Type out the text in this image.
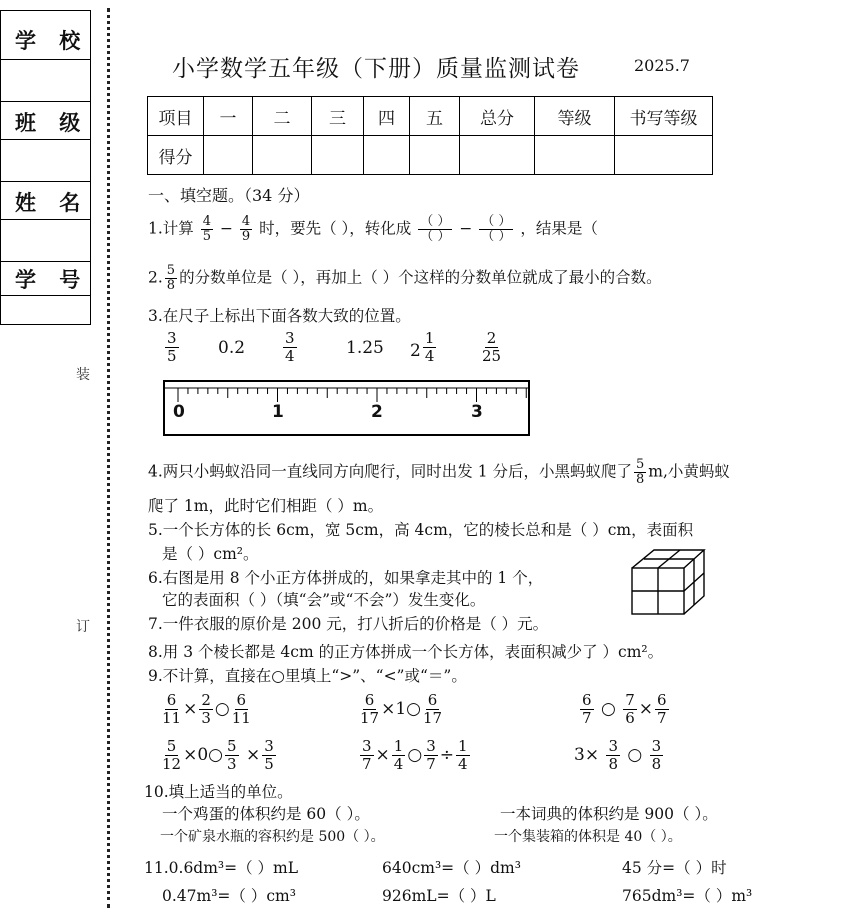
学 校
班 级
姓 名
学 号
装
订
小学数学五年级（下册）质量监测试卷	2025.7
项目	一	二	三	四	五	总分	等级	书写等级
得分								
一、填空题。（34 分）
1.计算 $\frac{4}{5} - \frac{4}{9}$ 时，要先（ ），转化成 $\frac{( )}{( )} - \frac{( )}{( )}$ ，结果是（
2. $\frac{5}{8}$ 的分数单位是（ ），再加上（ ）个这样的分数单位就成了最小的合数。
3.在尺子上标出下面各数大致的位置。
$\frac{3}{5} 0.2$	$\frac{3}{4}$	1.25 $2 \frac{1}{4}$	$\frac{2}{25}$
0	1	2	3
4.两只小蚂蚁沿同一直线同方向爬行，同时出发 1 分后，小黑蚂蚁爬了 $\frac{5}{8} m$,小黄蚂蚁
爬了 1m，此时它们相距（ ）m。
5.一个长方体的长 6cm，宽 5cm，高 4cm，它的棱长总和是（ ）cm，表面积
是（ ）cm²。
6.右图是用 8 个小正方体拼成的，如果拿走其中的 1 个，
它的表面积（ ）（填“会”或“不会”）发生变化。
7.一件衣服的原价是 200 元，打八折后的价格是（ ）元。
8.用 3 个棱长都是 4cm 的正方体拼成一个长方体，表面积减少了 ）cm²。
9.不计算，直接在○里填上“>”、“<”或“＝”。
$\frac{6}{11} \times \frac{2}{3}$ ○ $\frac{6}{11}$	$\frac{6}{17}$ ×1○ $\frac{6}{17}$	$\frac{6}{7}$ ○ $\frac{7}{6} \times \frac{6}{7}$
$\frac{5}{12}$ ×0○ $\frac{5}{3} \times \frac{3}{5}$	$\frac{3}{7} \times \frac{1}{4}$ ○ $\frac{3}{7} \div \frac{1}{4}$	$3\times \frac{3}{8}$ ○ $\frac{3}{8}$
10.填上适当的单位。
一个鸡蛋的体积约是 60（ ）。	一本词典的体积约是 900（ ）。
一个矿泉水瓶的容积约是 500（ ）。	一个集装箱的体积是 40（ ）。
11.0.6dm³=（ ）mL	640cm³=（ ）dm³	45 分=（ ）时
0.47m³=（ ）cm³	926mL=（ ）L	765dm³=（ ）m³
